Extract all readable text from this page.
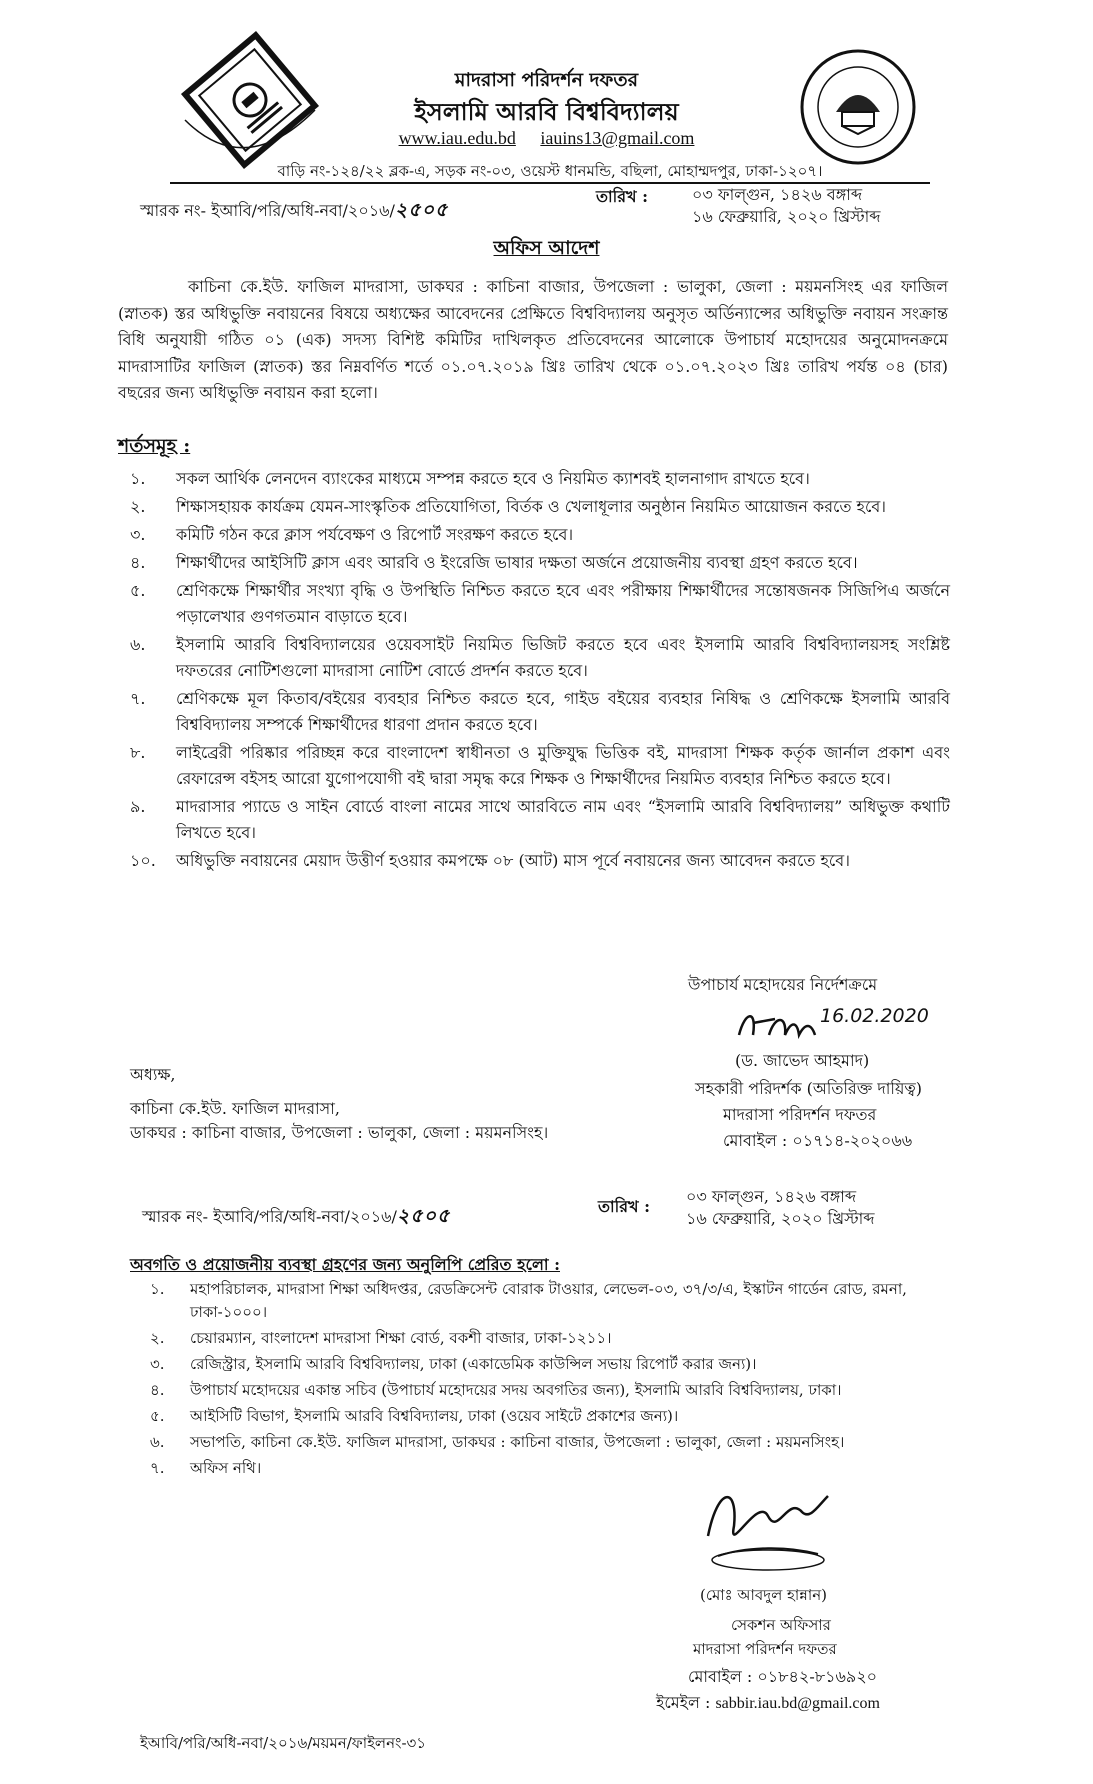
মাদরাসা পরিদর্শন দফতর
ইসলামি আরবি বিশ্ববিদ্যালয়
www.iau.edu.bd iauins13@gmail.com
বাড়ি নং-১২৪/২২ ব্লক-এ, সড়ক নং-০৩, ওয়েস্ট ধানমন্ডি, বছিলা, মোহাম্মদপুর, ঢাকা-১২০৭।
স্মারক নং- ইআবি/পরি/অধি-নবা/২০১৬/২৫০৫
তারিখ :	০৩ ফাল্গুন, ১৪২৬ বঙ্গাব্দ
১৬ ফেব্রুয়ারি, ২০২০ খ্রিস্টাব্দ
অফিস আদেশ

কাচিনা কে.ইউ. ফাজিল মাদরাসা, ডাকঘর : কাচিনা বাজার, উপজেলা : ভালুকা, জেলা : ময়মনসিংহ এর ফাজিল (স্নাতক) স্তর অধিভুক্তি নবায়নের বিষয়ে অধ্যক্ষের আবেদনের প্রেক্ষিতে বিশ্ববিদ্যালয় অনুসৃত অর্ডিন্যান্সের অধিভুক্তি নবায়ন সংক্রান্ত বিধি অনুযায়ী গঠিত ০১ (এক) সদস্য বিশিষ্ট কমিটির দাখিলকৃত প্রতিবেদনের আলোকে উপাচার্য মহোদয়ের অনুমোদনক্রমে মাদরাসাটির ফাজিল (স্নাতক) স্তর নিম্নবর্ণিত শর্তে ০১.০৭.২০১৯ খ্রিঃ তারিখ থেকে ০১.০৭.২০২৩ খ্রিঃ তারিখ পর্যন্ত ০৪ (চার) বছরের জন্য অধিভুক্তি নবায়ন করা হলো।

শর্তসমূহ :
১.	সকল আর্থিক লেনদেন ব্যাংকের মাধ্যমে সম্পন্ন করতে হবে ও নিয়মিত ক্যাশবই হালনাগাদ রাখতে হবে।
২.	শিক্ষাসহায়ক কার্যক্রম যেমন-সাংস্কৃতিক প্রতিযোগিতা, বির্তক ও খেলাধূলার অনুষ্ঠান নিয়মিত আয়োজন করতে হবে।
৩.	কমিটি গঠন করে ক্লাস পর্যবেক্ষণ ও রিপোর্ট সংরক্ষণ করতে হবে।
৪.	শিক্ষার্থীদের আইসিটি ক্লাস এবং আরবি ও ইংরেজি ভাষার দক্ষতা অর্জনে প্রয়োজনীয় ব্যবস্থা গ্রহণ করতে হবে।
৫.	শ্রেণিকক্ষে শিক্ষার্থীর সংখ্যা বৃদ্ধি ও উপস্থিতি নিশ্চিত করতে হবে এবং পরীক্ষায় শিক্ষার্থীদের সন্তোষজনক সিজিপিএ অর্জনে পড়ালেখার গুণগতমান বাড়াতে হবে।
৬.	ইসলামি আরবি বিশ্ববিদ্যালয়ের ওয়েবসাইট নিয়মিত ভিজিট করতে হবে এবং ইসলামি আরবি বিশ্ববিদ্যালয়সহ সংশ্লিষ্ট দফতরের নোটিশগুলো মাদরাসা নোটিশ বোর্ডে প্রদর্শন করতে হবে।
৭.	শ্রেণিকক্ষে মূল কিতাব/বইয়ের ব্যবহার নিশ্চিত করতে হবে, গাইড বইয়ের ব্যবহার নিষিদ্ধ ও শ্রেণিকক্ষে ইসলামি আরবি বিশ্ববিদ্যালয় সম্পর্কে শিক্ষার্থীদের ধারণা প্রদান করতে হবে।
৮.	লাইব্রেরী পরিষ্কার পরিচ্ছন্ন করে বাংলাদেশ স্বাধীনতা ও মুক্তিযুদ্ধ ভিত্তিক বই, মাদরাসা শিক্ষক কর্তৃক জার্নাল প্রকাশ এবং রেফারেন্স বইসহ আরো যুগোপযোগী বই দ্বারা সমৃদ্ধ করে শিক্ষক ও শিক্ষার্থীদের নিয়মিত ব্যবহার নিশ্চিত করতে হবে।
৯.	মাদরাসার প্যাডে ও সাইন বোর্ডে বাংলা নামের সাথে আরবিতে নাম এবং “ইসলামি আরবি বিশ্ববিদ্যালয়” অধিভুক্ত কথাটি লিখতে হবে।
১০.	অধিভুক্তি নবায়নের মেয়াদ উত্তীর্ণ হওয়ার কমপক্ষে ০৮ (আট) মাস পূর্বে নবায়নের জন্য আবেদন করতে হবে।
উপাচার্য মহোদয়ের নির্দেশক্রমে
16.02.2020
(ড. জাভেদ আহমাদ)
সহকারী পরিদর্শক (অতিরিক্ত দায়িত্ব)
মাদরাসা পরিদর্শন দফতর
মোবাইল : ০১৭১৪-২০২০৬৬
অধ্যক্ষ,
কাচিনা কে.ইউ. ফাজিল মাদরাসা,
ডাকঘর : কাচিনা বাজার, উপজেলা : ভালুকা, জেলা : ময়মনসিংহ।
স্মারক নং- ইআবি/পরি/অধি-নবা/২০১৬/২৫০৫	তারিখ :
০৩ ফাল্গুন, ১৪২৬ বঙ্গাব্দ
১৬ ফেব্রুয়ারি, ২০২০ খ্রিস্টাব্দ
অবগতি ও প্রয়োজনীয় ব্যবস্থা গ্রহণের জন্য অনুলিপি প্রেরিত হলো :
১.	মহাপরিচালক, মাদরাসা শিক্ষা অধিদপ্তর, রেডক্রিসেন্ট বোরাক টাওয়ার, লেভেল-০৩, ৩৭/৩/এ, ইস্কাটন গার্ডেন রোড, রমনা, ঢাকা-১০০০।
২.	চেয়ারম্যান, বাংলাদেশ মাদরাসা শিক্ষা বোর্ড, বকশী বাজার, ঢাকা-১২১১।
৩.	রেজিস্ট্রার, ইসলামি আরবি বিশ্ববিদ্যালয়, ঢাকা (একাডেমিক কাউন্সিল সভায় রিপোর্ট করার জন্য)।
৪.	উপাচার্য মহোদয়ের একান্ত সচিব (উপাচার্য মহোদয়ের সদয় অবগতির জন্য), ইসলামি আরবি বিশ্ববিদ্যালয়, ঢাকা।
৫.	আইসিটি বিভাগ, ইসলামি আরবি বিশ্ববিদ্যালয়, ঢাকা (ওয়েব সাইটে প্রকাশের জন্য)।
৬.	সভাপতি, কাচিনা কে.ইউ. ফাজিল মাদরাসা, ডাকঘর : কাচিনা বাজার, উপজেলা : ভালুকা, জেলা : ময়মনসিংহ।
৭.	অফিস নথি।
(মোঃ আবদুল হান্নান)
সেকশন অফিসার
মাদরাসা পরিদর্শন দফতর
মোবাইল : ০১৮৪২-৮১৬৯২০
ইমেইল : sabbir.iau.bd@gmail.com
ইআবি/পরি/অধি-নবা/২০১৬/ময়মন/ফাইলনং-৩১
